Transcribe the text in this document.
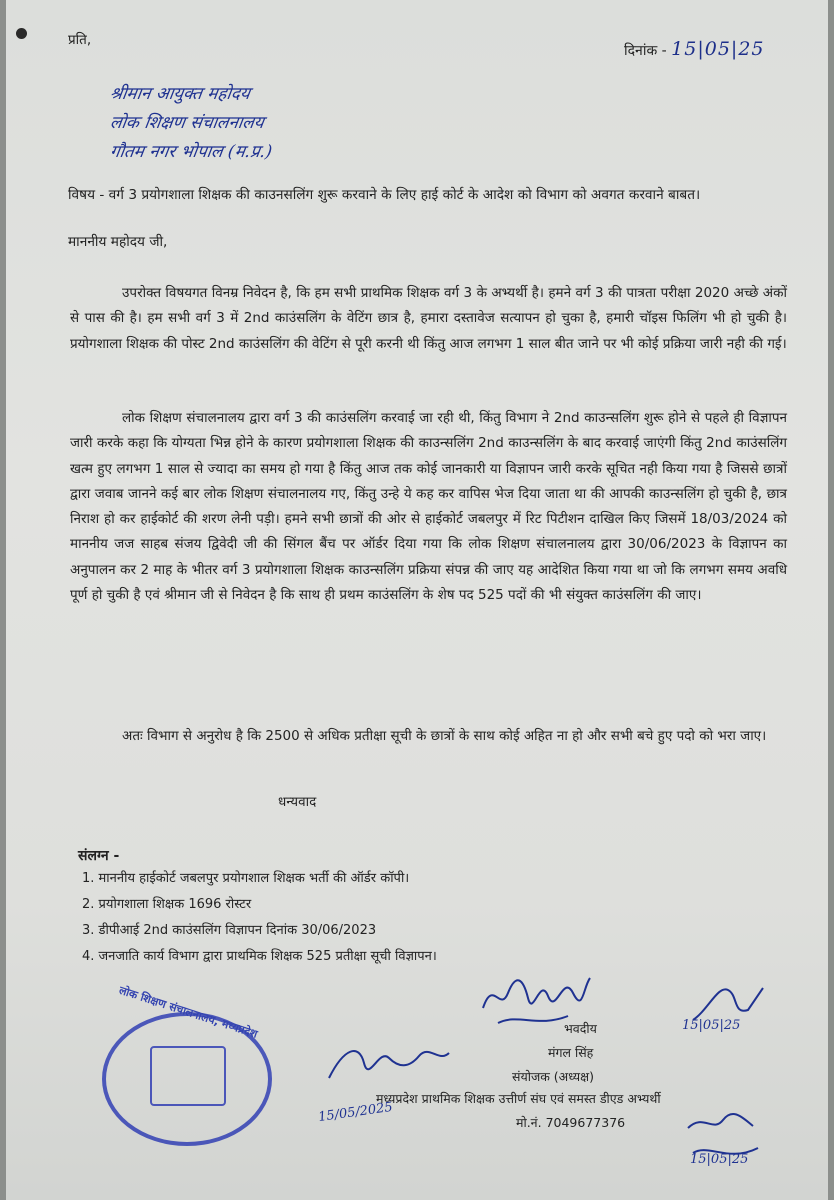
प्रति,
दिनांक - 15|05|25
श्रीमान आयुक्त महोदय
लोक शिक्षण संचालनालय
गौतम नगर भोपाल (म.प्र.)
विषय - वर्ग 3 प्रयोगशाला शिक्षक की काउनसलिंग शुरू करवाने के लिए हाई कोर्ट के आदेश को विभाग को अवगत करवाने बाबत।
माननीय महोदय जी,
उपरोक्त विषयगत विनम्र निवेदन है, कि हम सभी प्राथमिक शिक्षक वर्ग 3 के अभ्यर्थी है। हमने वर्ग 3 की पात्रता परीक्षा 2020 अच्छे अंकों से पास की है। हम सभी वर्ग 3 में 2nd काउंसलिंग के वेटिंग छात्र है, हमारा दस्तावेज सत्यापन हो चुका है, हमारी चॉइस फिलिंग भी हो चुकी है। प्रयोगशाला शिक्षक की पोस्ट 2nd काउंसलिंग की वेटिंग से पूरी करनी थी किंतु आज लगभग 1 साल बीत जाने पर भी कोई प्रक्रिया जारी नही की गई।
लोक शिक्षण संचालनालय द्वारा वर्ग 3 की काउंसलिंग करवाई जा रही थी, किंतु विभाग ने 2nd काउन्सलिंग शुरू होने से पहले ही विज्ञापन जारी करके कहा कि योग्यता भिन्न होने के कारण प्रयोगशाला शिक्षक की काउन्सलिंग 2nd काउन्सलिंग के बाद करवाई जाएंगी किंतु 2nd काउंसलिंग खत्म हुए लगभग 1 साल से ज्यादा का समय हो गया है किंतु आज तक कोई जानकारी या विज्ञापन जारी करके सूचित नही किया गया है जिससे छात्रों द्वारा जवाब जानने कई बार लोक शिक्षण संचालनालय गए, किंतु उन्हे ये कह कर वापिस भेज दिया जाता था की आपकी काउन्सलिंग हो चुकी है, छात्र निराश हो कर हाईकोर्ट की शरण लेनी पड़ी। हमने सभी छात्रों की ओर से हाईकोर्ट जबलपुर में रिट पिटीशन दाखिल किए जिसमें 18/03/2024 को माननीय जज साहब संजय द्विवेदी जी की सिंगल बैंच पर ऑर्डर दिया गया कि लोक शिक्षण संचालनालय द्वारा 30/06/2023 के विज्ञापन का अनुपालन कर 2 माह के भीतर वर्ग 3 प्रयोगशाला शिक्षक काउन्सलिंग प्रक्रिया संपन्न की जाए यह आदेशित किया गया था जो कि लगभग समय अवधि पूर्ण हो चुकी है एवं श्रीमान जी से निवेदन है कि साथ ही प्रथम काउंसलिंग के शेष पद 525 पदों की भी संयुक्त काउंसलिंग की जाए।
अतः विभाग से अनुरोध है कि 2500 से अधिक प्रतीक्षा सूची के छात्रों के साथ कोई अहित ना हो और सभी बचे हुए पदो को भरा जाए।
धन्यवाद
संलग्न -
1. माननीय हाईकोर्ट जबलपुर प्रयोगशाल शिक्षक भर्ती की ऑर्डर कॉपी।
2. प्रयोगशाला शिक्षक 1696 रोस्टर
3. डीपीआई 2nd काउंसलिंग विज्ञापन दिनांक 30/06/2023
4. जनजाति कार्य विभाग द्वारा प्राथमिक शिक्षक 525 प्रतीक्षा सूची विज्ञापन।
लोक शिक्षण संचालनालय, मध्यप्रदेश	15|05|25
15/05/2025
15|05|25
भवदीय
मंगल सिंह
संयोजक (अध्यक्ष)
मध्यप्रदेश प्राथमिक शिक्षक उत्तीर्ण संघ एवं समस्त डीएड अभ्यर्थी
मो.नं. 7049677376
